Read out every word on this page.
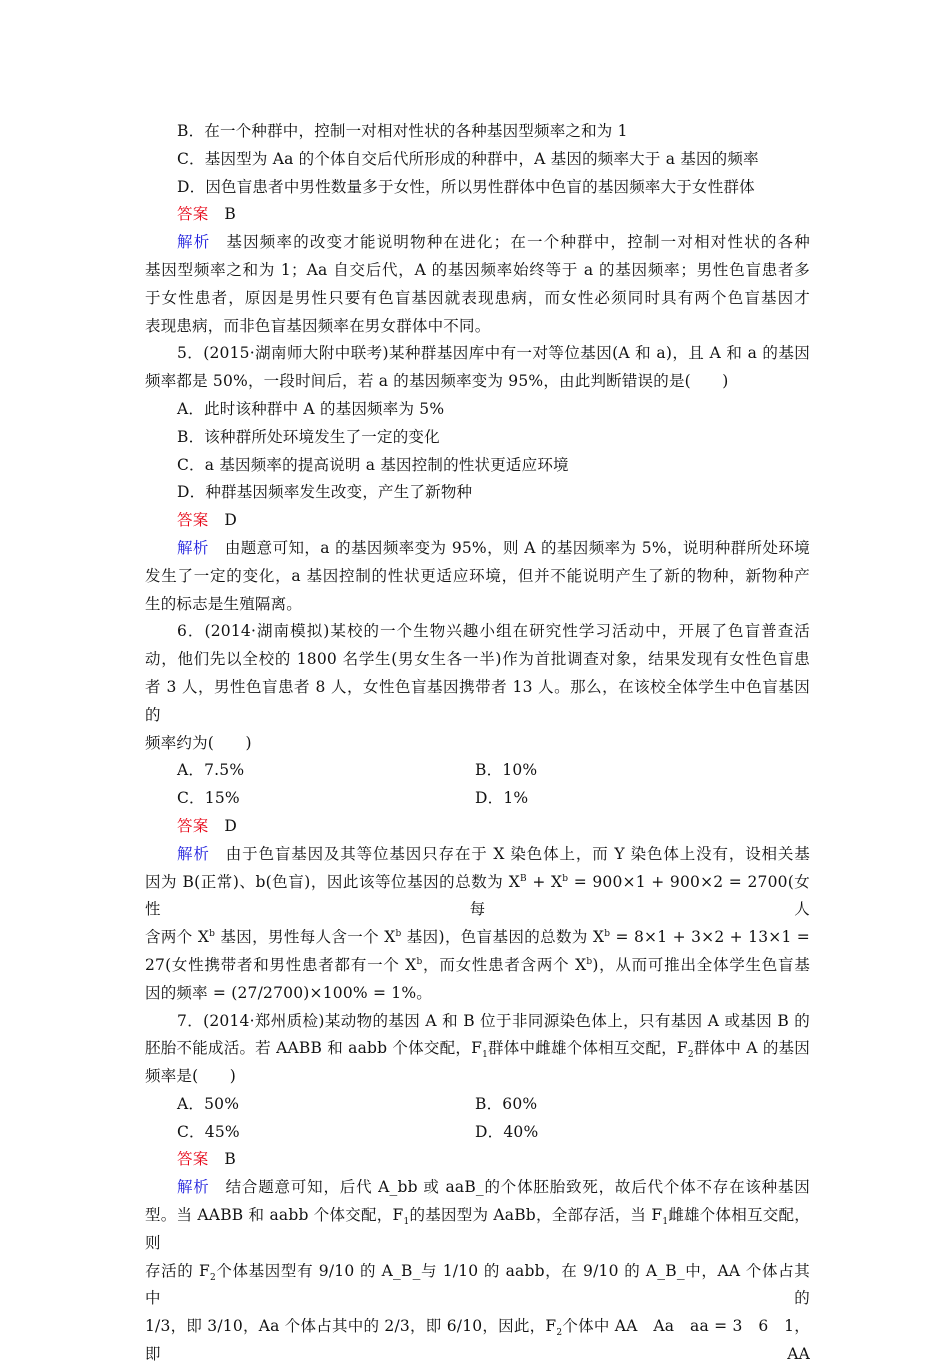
B．在一个种群中，控制一对相对性状的各种基因型频率之和为 1
C．基因型为 Aa 的个体自交后代所形成的种群中，A 基因的频率大于 a 基因的频率
D．因色盲患者中男性数量多于女性，所以男性群体中色盲的基因频率大于女性群体
答案 B
解析 基因频率的改变才能说明物种在进化；在一个种群中，控制一对相对性状的各种
基因型频率之和为 1；Aa 自交后代，A 的基因频率始终等于 a 的基因频率；男性色盲患者多
于女性患者，原因是男性只要有色盲基因就表现患病，而女性必须同时具有两个色盲基因才
表现患病，而非色盲基因频率在男女群体中不同。
5．(2015·湖南师大附中联考)某种群基因库中有一对等位基因(A 和 a)，且 A 和 a 的基因
频率都是 50%，一段时间后，若 a 的基因频率变为 95%，由此判断错误的是(　　)
A．此时该种群中 A 的基因频率为 5%
B．该种群所处环境发生了一定的变化
C．a 基因频率的提高说明 a 基因控制的性状更适应环境
D．种群基因频率发生改变，产生了新物种
答案 D
解析 由题意可知，a 的基因频率变为 95%，则 A 的基因频率为 5%，说明种群所处环境
发生了一定的变化，a 基因控制的性状更适应环境，但并不能说明产生了新的物种，新物种产
生的标志是生殖隔离。
6．(2014·湖南模拟)某校的一个生物兴趣小组在研究性学习活动中，开展了色盲普查活
动，他们先以全校的 1800 名学生(男女生各一半)作为首批调查对象，结果发现有女性色盲患
者 3 人，男性色盲患者 8 人，女性色盲基因携带者 13 人。那么，在该校全体学生中色盲基因的
频率约为(　　)
A．7.5%	B．10%
C．15%	D．1%
答案 D
解析 由于色盲基因及其等位基因只存在于 X 染色体上，而 Y 染色体上没有，设相关基
因为 B(正常)、b(色盲)，因此该等位基因的总数为 $X^B + X^b = 900\times 1 + 900\times 2 = 2700$(女性每人
含两个 $X^b$ 基因，男性每人含一个 $X^b$ 基因)，色盲基因的总数为 $X^b = 8\times 1 + 3\times 2 + 13\times 1$ =
27(女性携带者和男性患者都有一个 $X^b$，而女性患者含两个 $X^b$)，从而可推出全体学生色盲基
因的频率 = (27/2700)×100% = 1%。
7．(2014·郑州质检)某动物的基因 A 和 B 位于非同源染色体上，只有基因 A 或基因 B 的
胚胎不能成活。若 AABB 和 aabb 个体交配，$F_1$群体中雌雄个体相互交配，$F_2$群体中 A 的基因
频率是(　　)
A．50%	B．60%
C．45%	D．40%
答案 B
解析 结合题意可知，后代 A_bb 或 aaB_的个体胚胎致死，故后代个体不存在该种基因
型。当 AABB 和 aabb 个体交配，$F_1$的基因型为 AaBb，全部存活，当 $F_1$雌雄个体相互交配，则
存活的 $F_2$个体基因型有 9/10 的 A_B_与 1/10 的 aabb，在 9/10 的 A_B_中，AA 个体占其中的
1/3，即 3/10，Aa 个体占其中的 2/3，即 6/10，因此，$F_2$个体中 AA　Aa　aa = 3　6　1，即 AA
